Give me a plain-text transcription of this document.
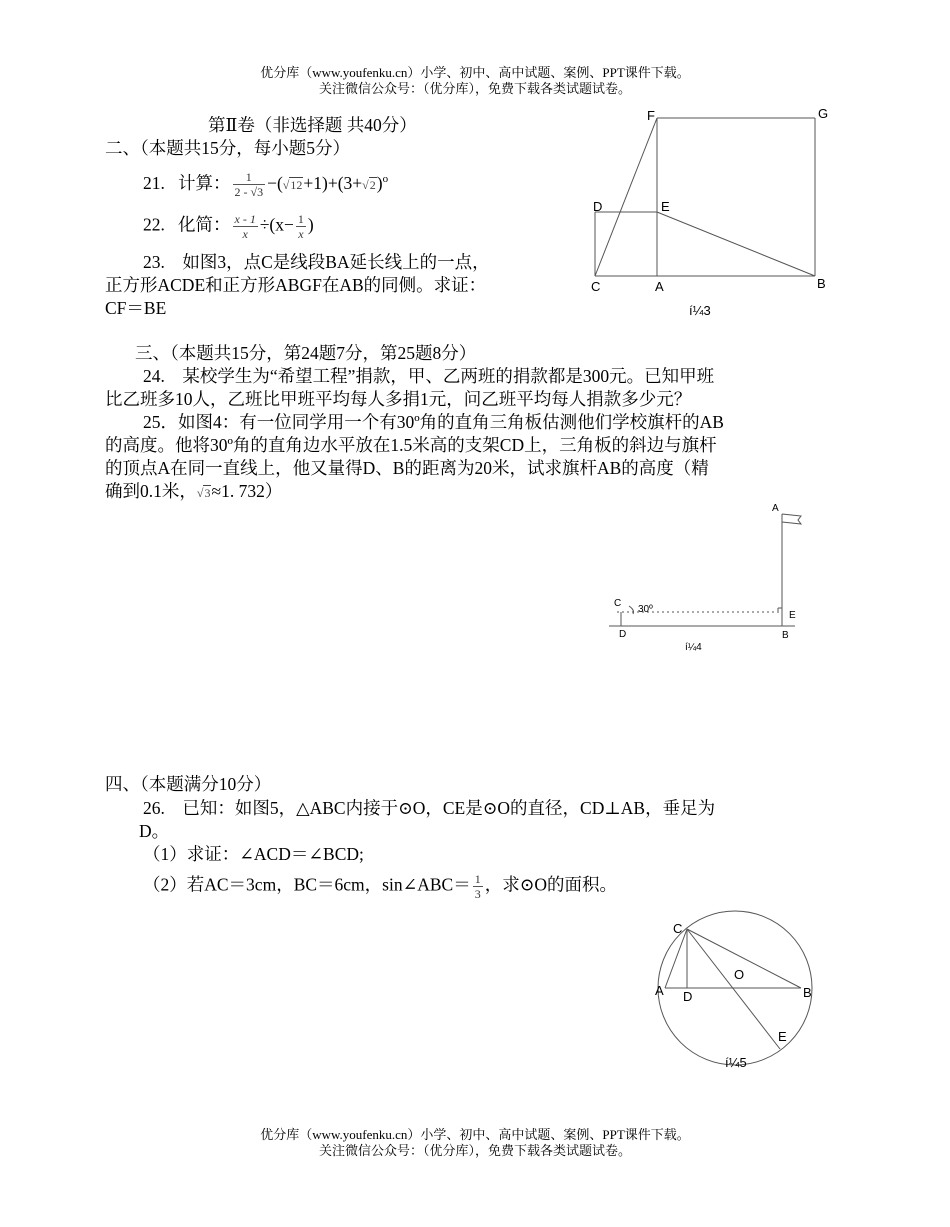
优分库（www.youfenku.cn）小学、初中、高中试题、案例、PPT课件下载。
关注微信公众号：（优分库），免费下载各类试题试卷。
第Ⅱ卷（非选择题 共40分）
二、（本题共15分，每小题5分）
21. 计算： $\frac{1}{2 - √3} -(√12+1)+(3+√2)^o$
22. 化简： $\frac{x - 1}{x} \div(x- \frac{1}{x}$ )
23.　如图3，点C是线段BA延长线上的一点，
正方形ACDE和正方形ABGF在AB的同侧。求证：
CF＝BE
F	G
D	E
C	A	B
í¼3
三、（本题共15分，第24题7分，第25题8分）
24.　某校学生为“希望工程”捐款，甲、乙两班的捐款都是300元。已知甲班
比乙班多10人，乙班比甲班平均每人多捐1元，问乙班平均每人捐款多少元？
25．如图4：有一位同学用一个有30º角的直角三角板估测他们学校旗杆的AB
的高度。他将30º角的直角边水平放在1.5米高的支架CD上，三角板的斜边与旗杆
的顶点A在同一直线上，他又量得D、B的距离为20米，试求旗杆AB的高度（精
确到0.1米，√3≈1. 732）
A
C
30º
D
E
B
í¼4
四、（本题满分10分）
26.　已知：如图5，△ABC内接于⊙O，CE是⊙O的直径，CD⊥AB，垂足为
D。
（1）求证：∠ACD＝∠BCD;
（2）若AC＝3cm，BC＝6cm，sin∠ABC＝ $\frac{1}{3}$ ，求⊙O的面积。
C
O
A D	B
E
í¼5
优分库（www.youfenku.cn）小学、初中、高中试题、案例、PPT课件下载。
关注微信公众号：（优分库），免费下载各类试题试卷。
